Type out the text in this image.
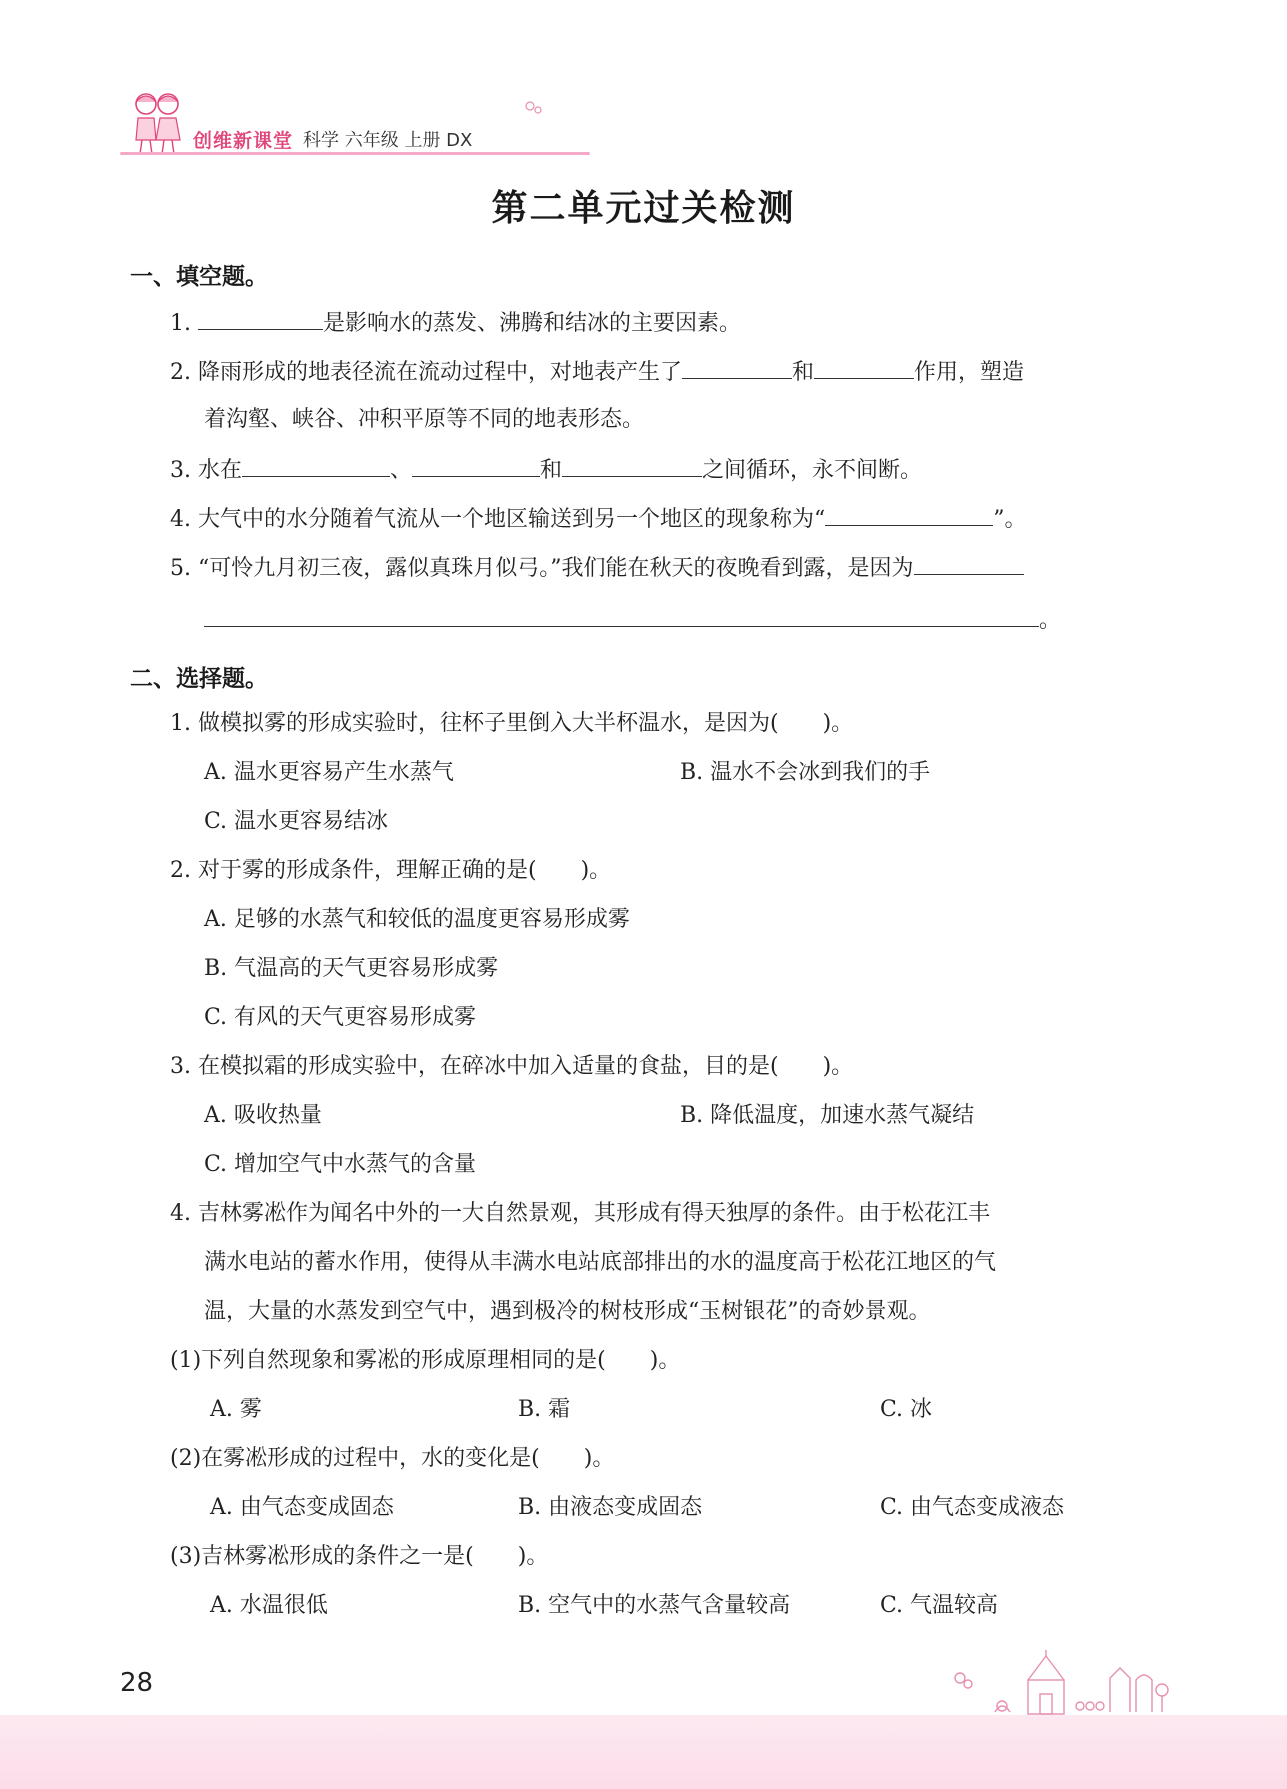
创维新课堂 科学 六年级 上册 DX
第二单元过关检测
一、填空题。
1.	是影响水的蒸发、沸腾和结冰的主要因素。
2. 降雨形成的地表径流在流动过程中，对地表产生了	和	作用，塑造
着沟壑、峡谷、冲积平原等不同的地表形态。
3. 水在	、	和	之间循环，永不间断。
4. 大气中的水分随着气流从一个地区输送到另一个地区的现象称为“	”。
5. “可怜九月初三夜，露似真珠月似弓。”我们能在秋天的夜晚看到露，是因为
。
二、选择题。
1. 做模拟雾的形成实验时，往杯子里倒入大半杯温水，是因为(　　)。
A. 温水更容易产生水蒸气	B. 温水不会冰到我们的手
C. 温水更容易结冰
2. 对于雾的形成条件，理解正确的是(　　)。
A. 足够的水蒸气和较低的温度更容易形成雾
B. 气温高的天气更容易形成雾
C. 有风的天气更容易形成雾
3. 在模拟霜的形成实验中，在碎冰中加入适量的食盐，目的是(　　)。
A. 吸收热量	B. 降低温度，加速水蒸气凝结
C. 增加空气中水蒸气的含量
4. 吉林雾凇作为闻名中外的一大自然景观，其形成有得天独厚的条件。由于松花江丰
满水电站的蓄水作用，使得从丰满水电站底部排出的水的温度高于松花江地区的气
温，大量的水蒸发到空气中，遇到极冷的树枝形成“玉树银花”的奇妙景观。
(1)下列自然现象和雾凇的形成原理相同的是(　　)。
A. 雾	B. 霜	C. 冰
(2)在雾凇形成的过程中，水的变化是(　　)。
A. 由气态变成固态	B. 由液态变成固态	C. 由气态变成液态
(3)吉林雾凇形成的条件之一是(　　)。
A. 水温很低	B. 空气中的水蒸气含量较高	C. 气温较高
28
